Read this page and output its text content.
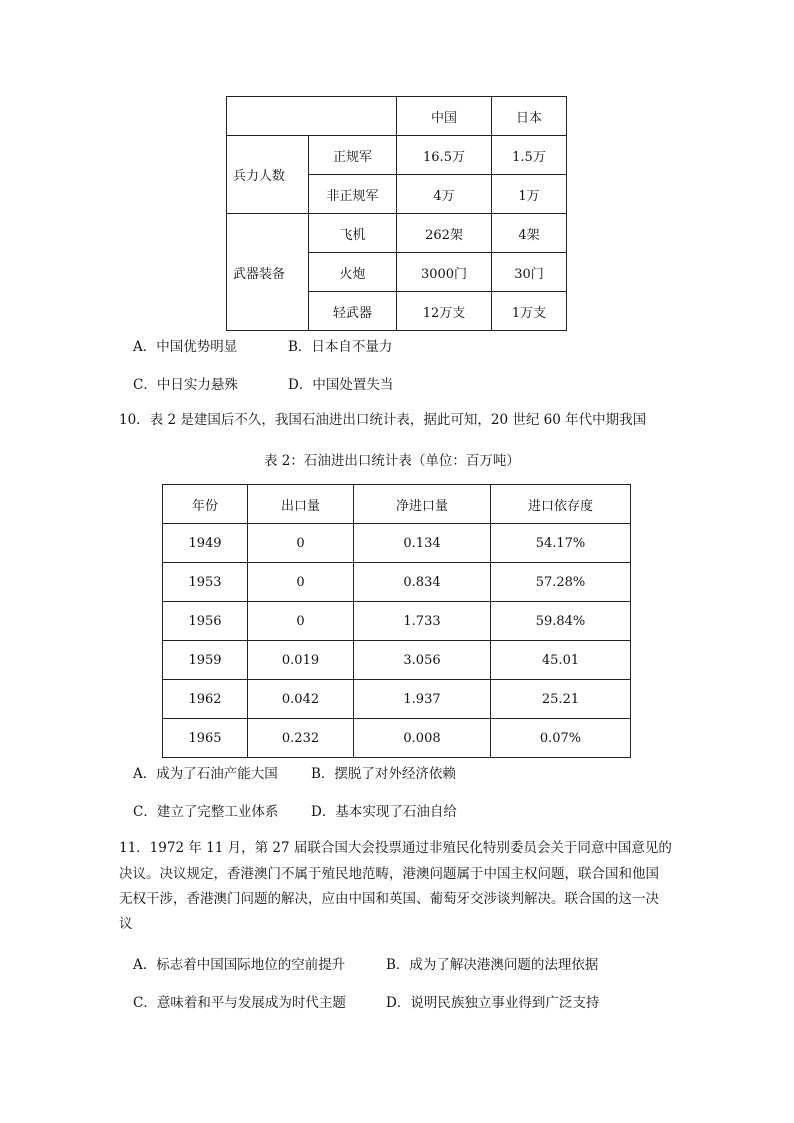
		中国	日本
兵力人数	正规军	16.5万	1.5万
	非正规军	4万	1万
武器装备	飞机	262架	4架
	火炮	3000门	30门
	轻武器	12万支	1万支
A．中国优势明显	B．日本自不量力
C．中日实力悬殊	D．中国处置失当
10．表 2 是建国后不久，我国石油进出口统计表，据此可知，20 世纪 60 年代中期我国
表 2：石油进出口统计表（单位：百万吨）
年份	出口量	净进口量	进口依存度
1949	0	0.134	54.17%
1953	0	0.834	57.28%
1956	0	1.733	59.84%
1959	0.019	3.056	45.01
1962	0.042	1.937	25.21
1965	0.232	0.008	0.07%
A．成为了石油产能大国 B．摆脱了对外经济依赖
C．建立了完整工业体系 D．基本实现了石油自给
11．1972 年 11 月，第 27 届联合国大会投票通过非殖民化特别委员会关于同意中国意见的
决议。决议规定，香港澳门不属于殖民地范畴，港澳问题属于中国主权问题，联合国和他国
无权干涉，香港澳门问题的解决，应由中国和英国、葡萄牙交涉谈判解决。联合国的这一决
议
A．标志着中国国际地位的空前提升	B．成为了解决港澳问题的法理依据
C．意味着和平与发展成为时代主题	D．说明民族独立事业得到广泛支持
